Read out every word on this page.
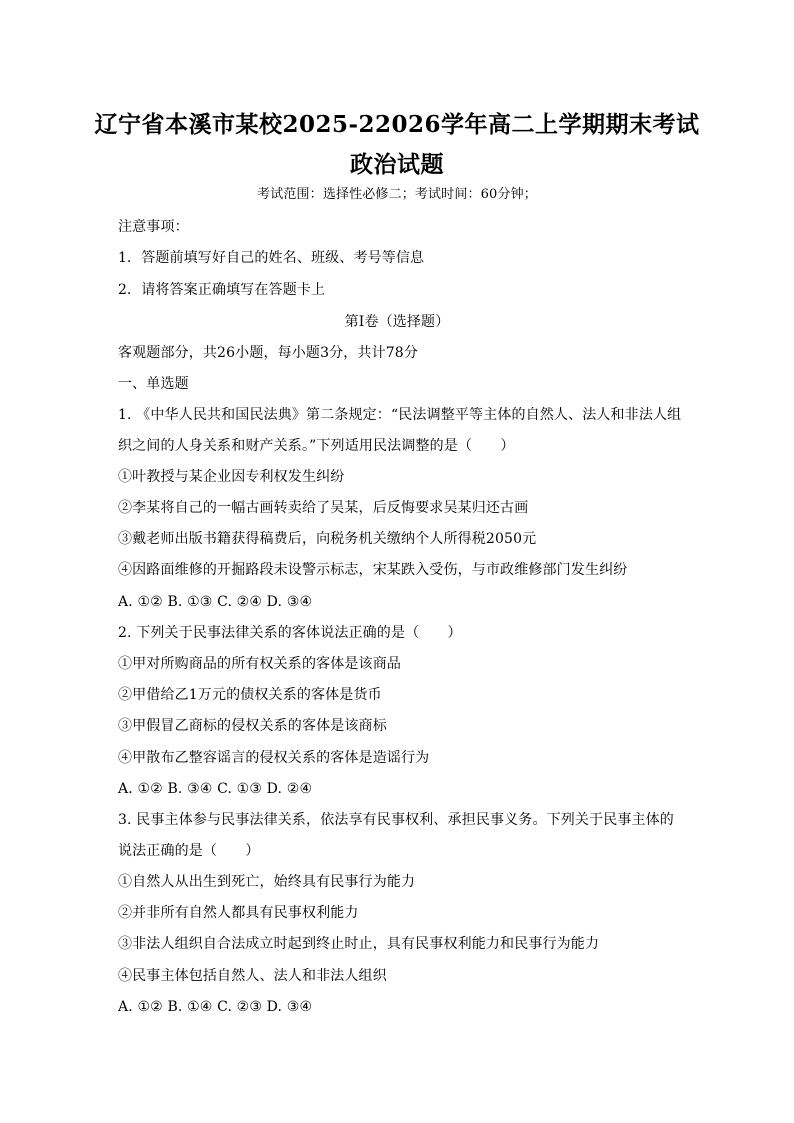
辽宁省本溪市某校2025-22026学年高二上学期期末考试
政治试题
考试范围：选择性必修二；考试时间：60分钟；
注意事项：
1．答题前填写好自己的姓名、班级、考号等信息
2．请将答案正确填写在答题卡上
第I卷（选择题）
客观题部分，共26小题，每小题3分，共计78分
一、单选题
1. 《中华人民共和国民法典》第二条规定：“民法调整平等主体的自然人、法人和非法人组
织之间的人身关系和财产关系。”下列适用民法调整的是（　　）
①叶教授与某企业因专利权发生纠纷
②李某将自己的一幅古画转卖给了吴某，后反悔要求吴某归还古画
③戴老师出版书籍获得稿费后，向税务机关缴纳个人所得税2050元
④因路面维修的开掘路段未设警示标志，宋某跌入受伤，与市政维修部门发生纠纷
A. ①② B. ①③ C. ②④ D. ③④
2. 下列关于民事法律关系的客体说法正确的是（　　）
①甲对所购商品的所有权关系的客体是该商品
②甲借给乙1万元的债权关系的客体是货币
③甲假冒乙商标的侵权关系的客体是该商标
④甲散布乙整容谣言的侵权关系的客体是造谣行为
A. ①② B. ③④ C. ①③ D. ②④
3. 民事主体参与民事法律关系，依法享有民事权利、承担民事义务。下列关于民事主体的
说法正确的是（　　）
①自然人从出生到死亡，始终具有民事行为能力
②并非所有自然人都具有民事权利能力
③非法人组织自合法成立时起到终止时止，具有民事权利能力和民事行为能力
④民事主体包括自然人、法人和非法人组织
A. ①② B. ①④ C. ②③ D. ③④
